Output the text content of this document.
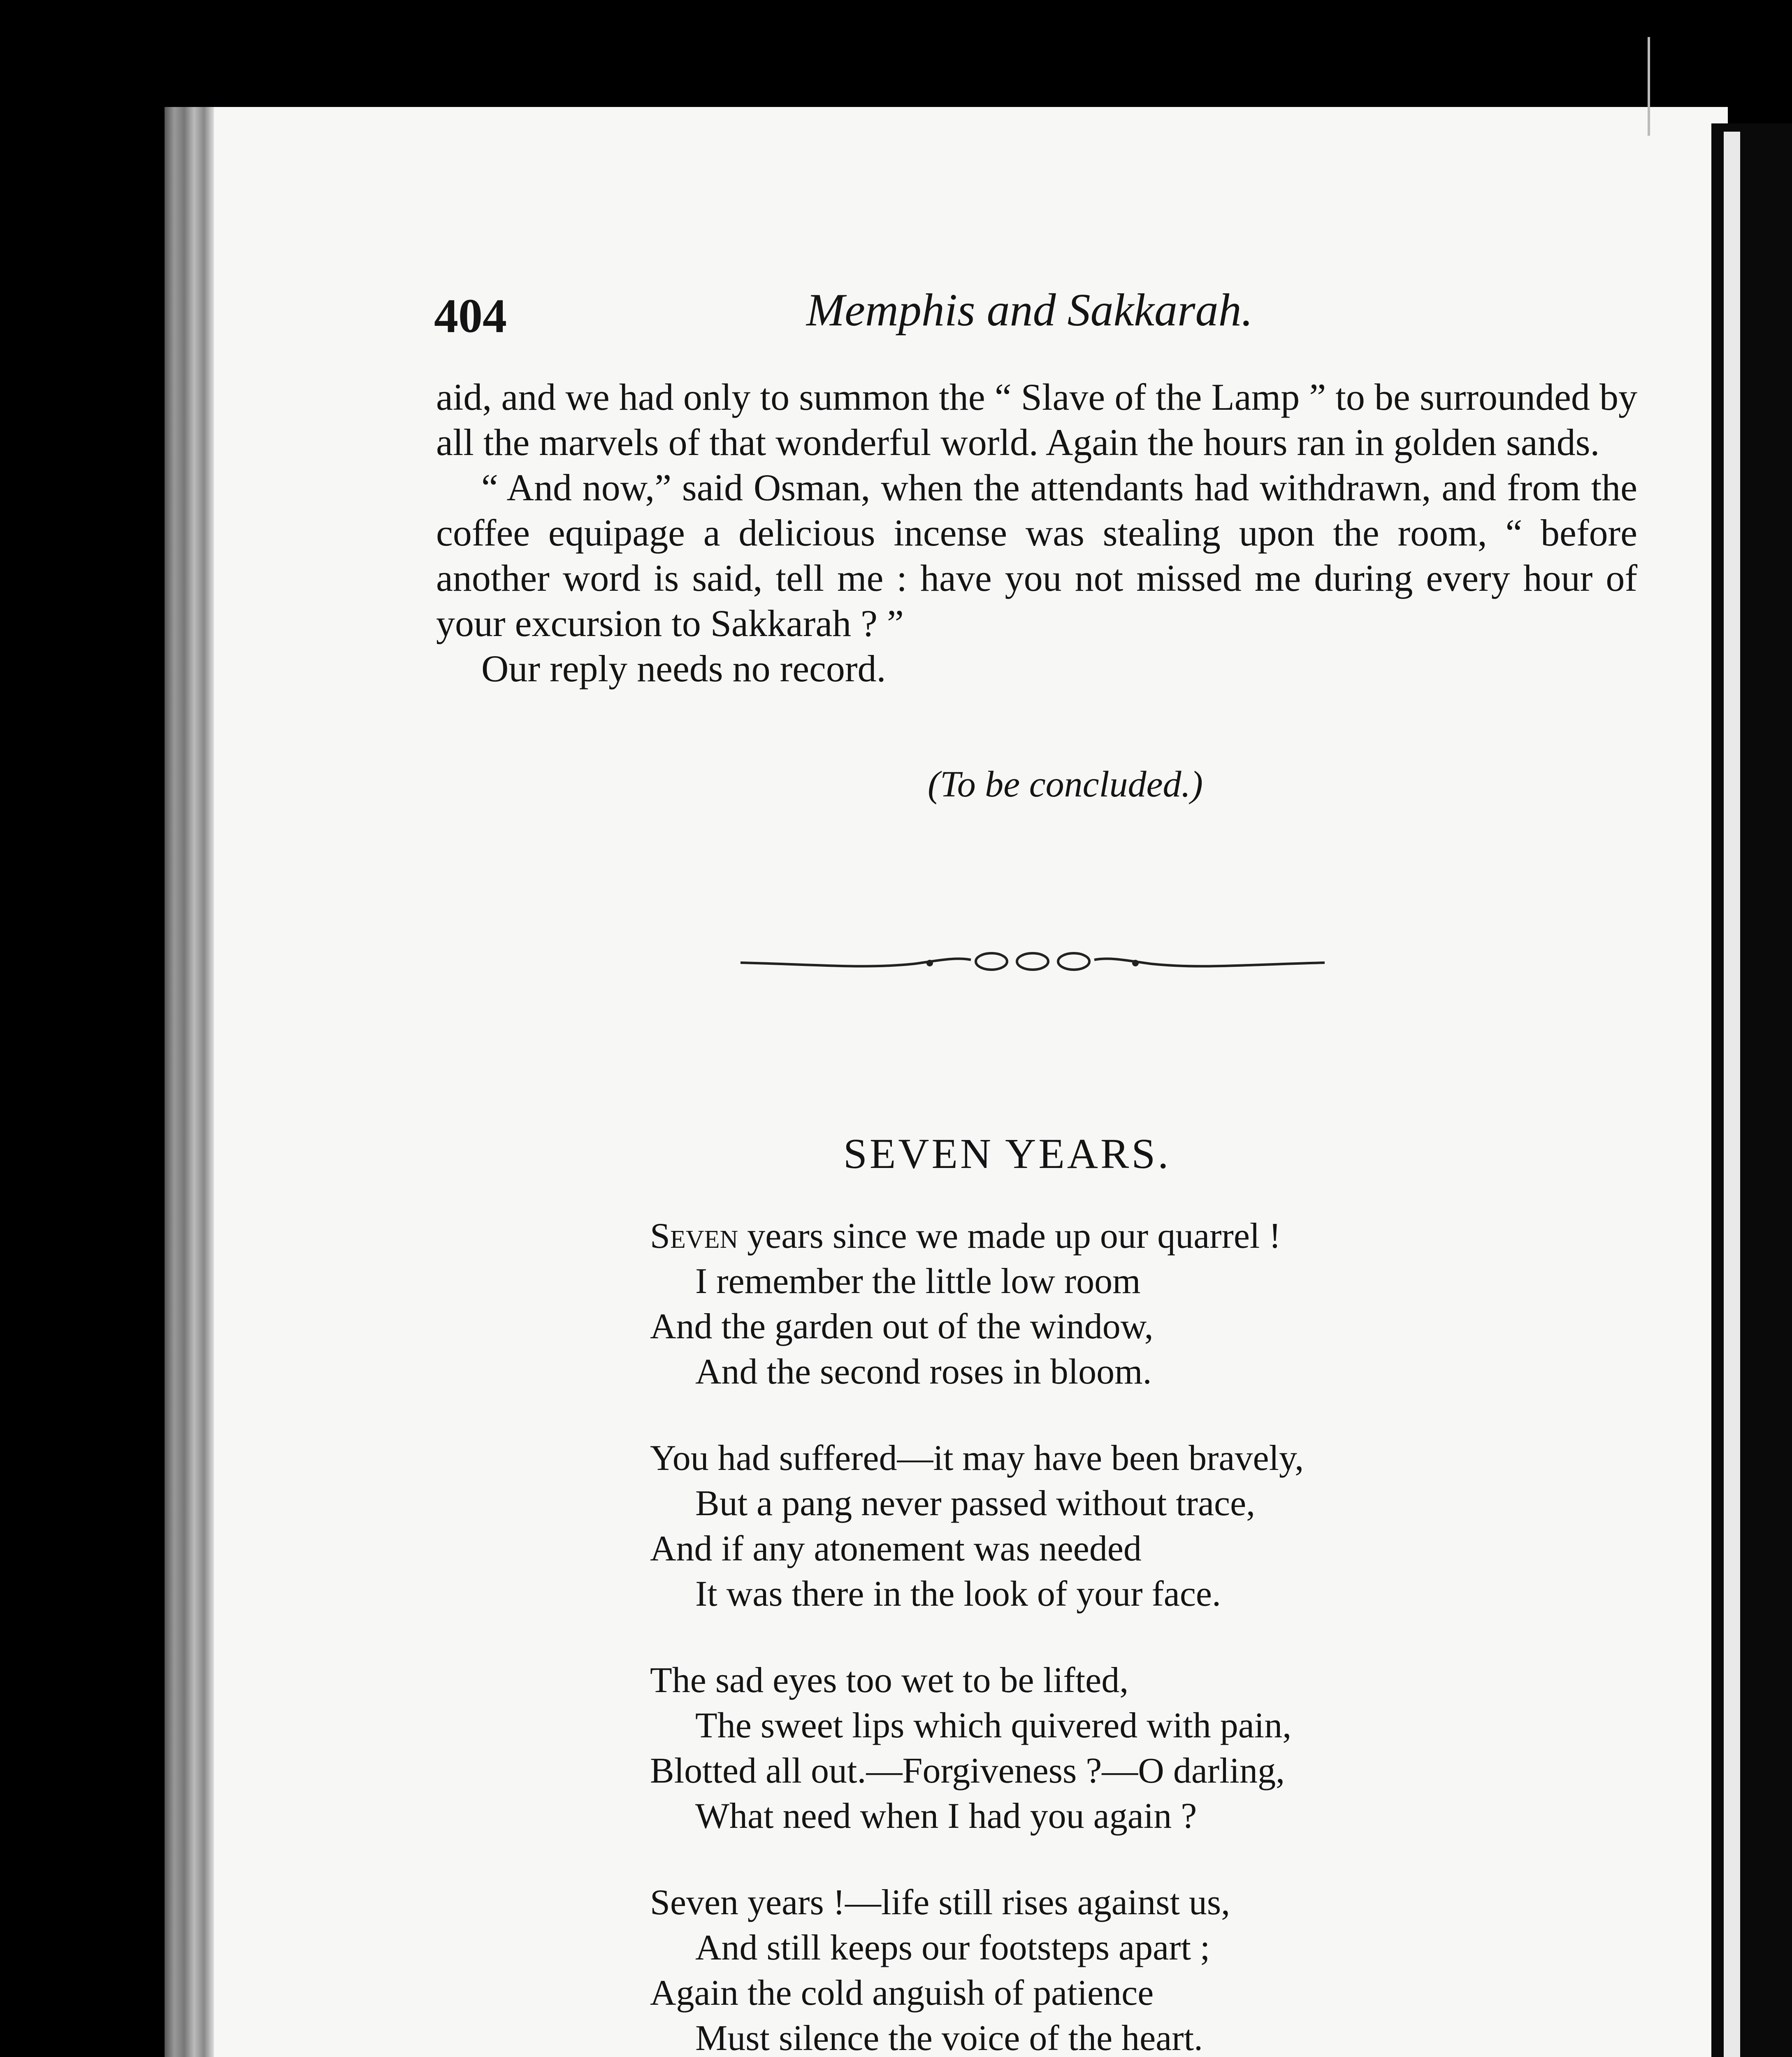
404	Memphis and Sakkarah.

aid, and we had only to summon the “ Slave of the Lamp ” to be surrounded by all the marvels of that wonderful world. Again the hours ran in golden sands.

“ And now,” said Osman, when the attendants had withdrawn, and from the coffee equipage a delicious incense was stealing upon the room, “ before another word is said, tell me : have you not missed me during every hour of your excursion to Sakkarah ? ”

Our reply needs no record.

(To be concluded.)
SEVEN YEARS.
Seven years since we made up our quarrel !
I remember the little low room
And the garden out of the window,
And the second roses in bloom.
You had suffered—it may have been bravely,
But a pang never passed without trace,
And if any atonement was needed
It was there in the look of your face.
The sad eyes too wet to be lifted,
The sweet lips which quivered with pain,
Blotted all out.—Forgiveness ?—O darling,
What need when I had you again ?
Seven years !—life still rises against us,
And still keeps our footsteps apart ;
Again the cold anguish of patience
Must silence the voice of the heart.
